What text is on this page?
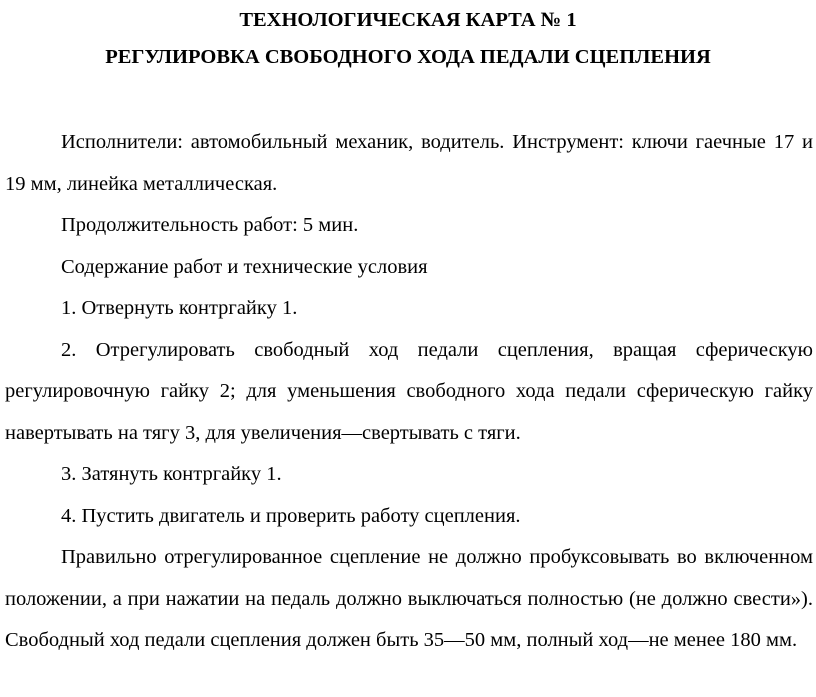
ТЕХНОЛОГИЧЕСКАЯ КАРТА № 1
РЕГУЛИРОВКА СВОБОДНОГО ХОДА ПЕДАЛИ СЦЕПЛЕНИЯ

Исполнители: автомобильный механик, водитель. Инструмент: ключи гаечные 17 и 19 мм, линейка металлическая.

Продолжительность работ: 5 мин.

Содержание работ и технические условия

1. Отвернуть контргайку 1.

2. Отрегулировать свободный ход педали сцепления, вращая сферическую регулировочную гайку 2; для уменьшения свободного хода педали сферическую гайку навертывать на тягу 3, для увеличения—свертывать с тяги.

3. Затянуть контргайку 1.

4. Пустить двигатель и проверить работу сцепления.

Правильно отрегулированное сцепление не должно пробуксовывать во включенном положении, а при нажатии на педаль должно выключаться полностью (не должно свести»). Свободный ход педали сцепления должен быть 35—50 мм, полный ход—не менее 180 мм.
